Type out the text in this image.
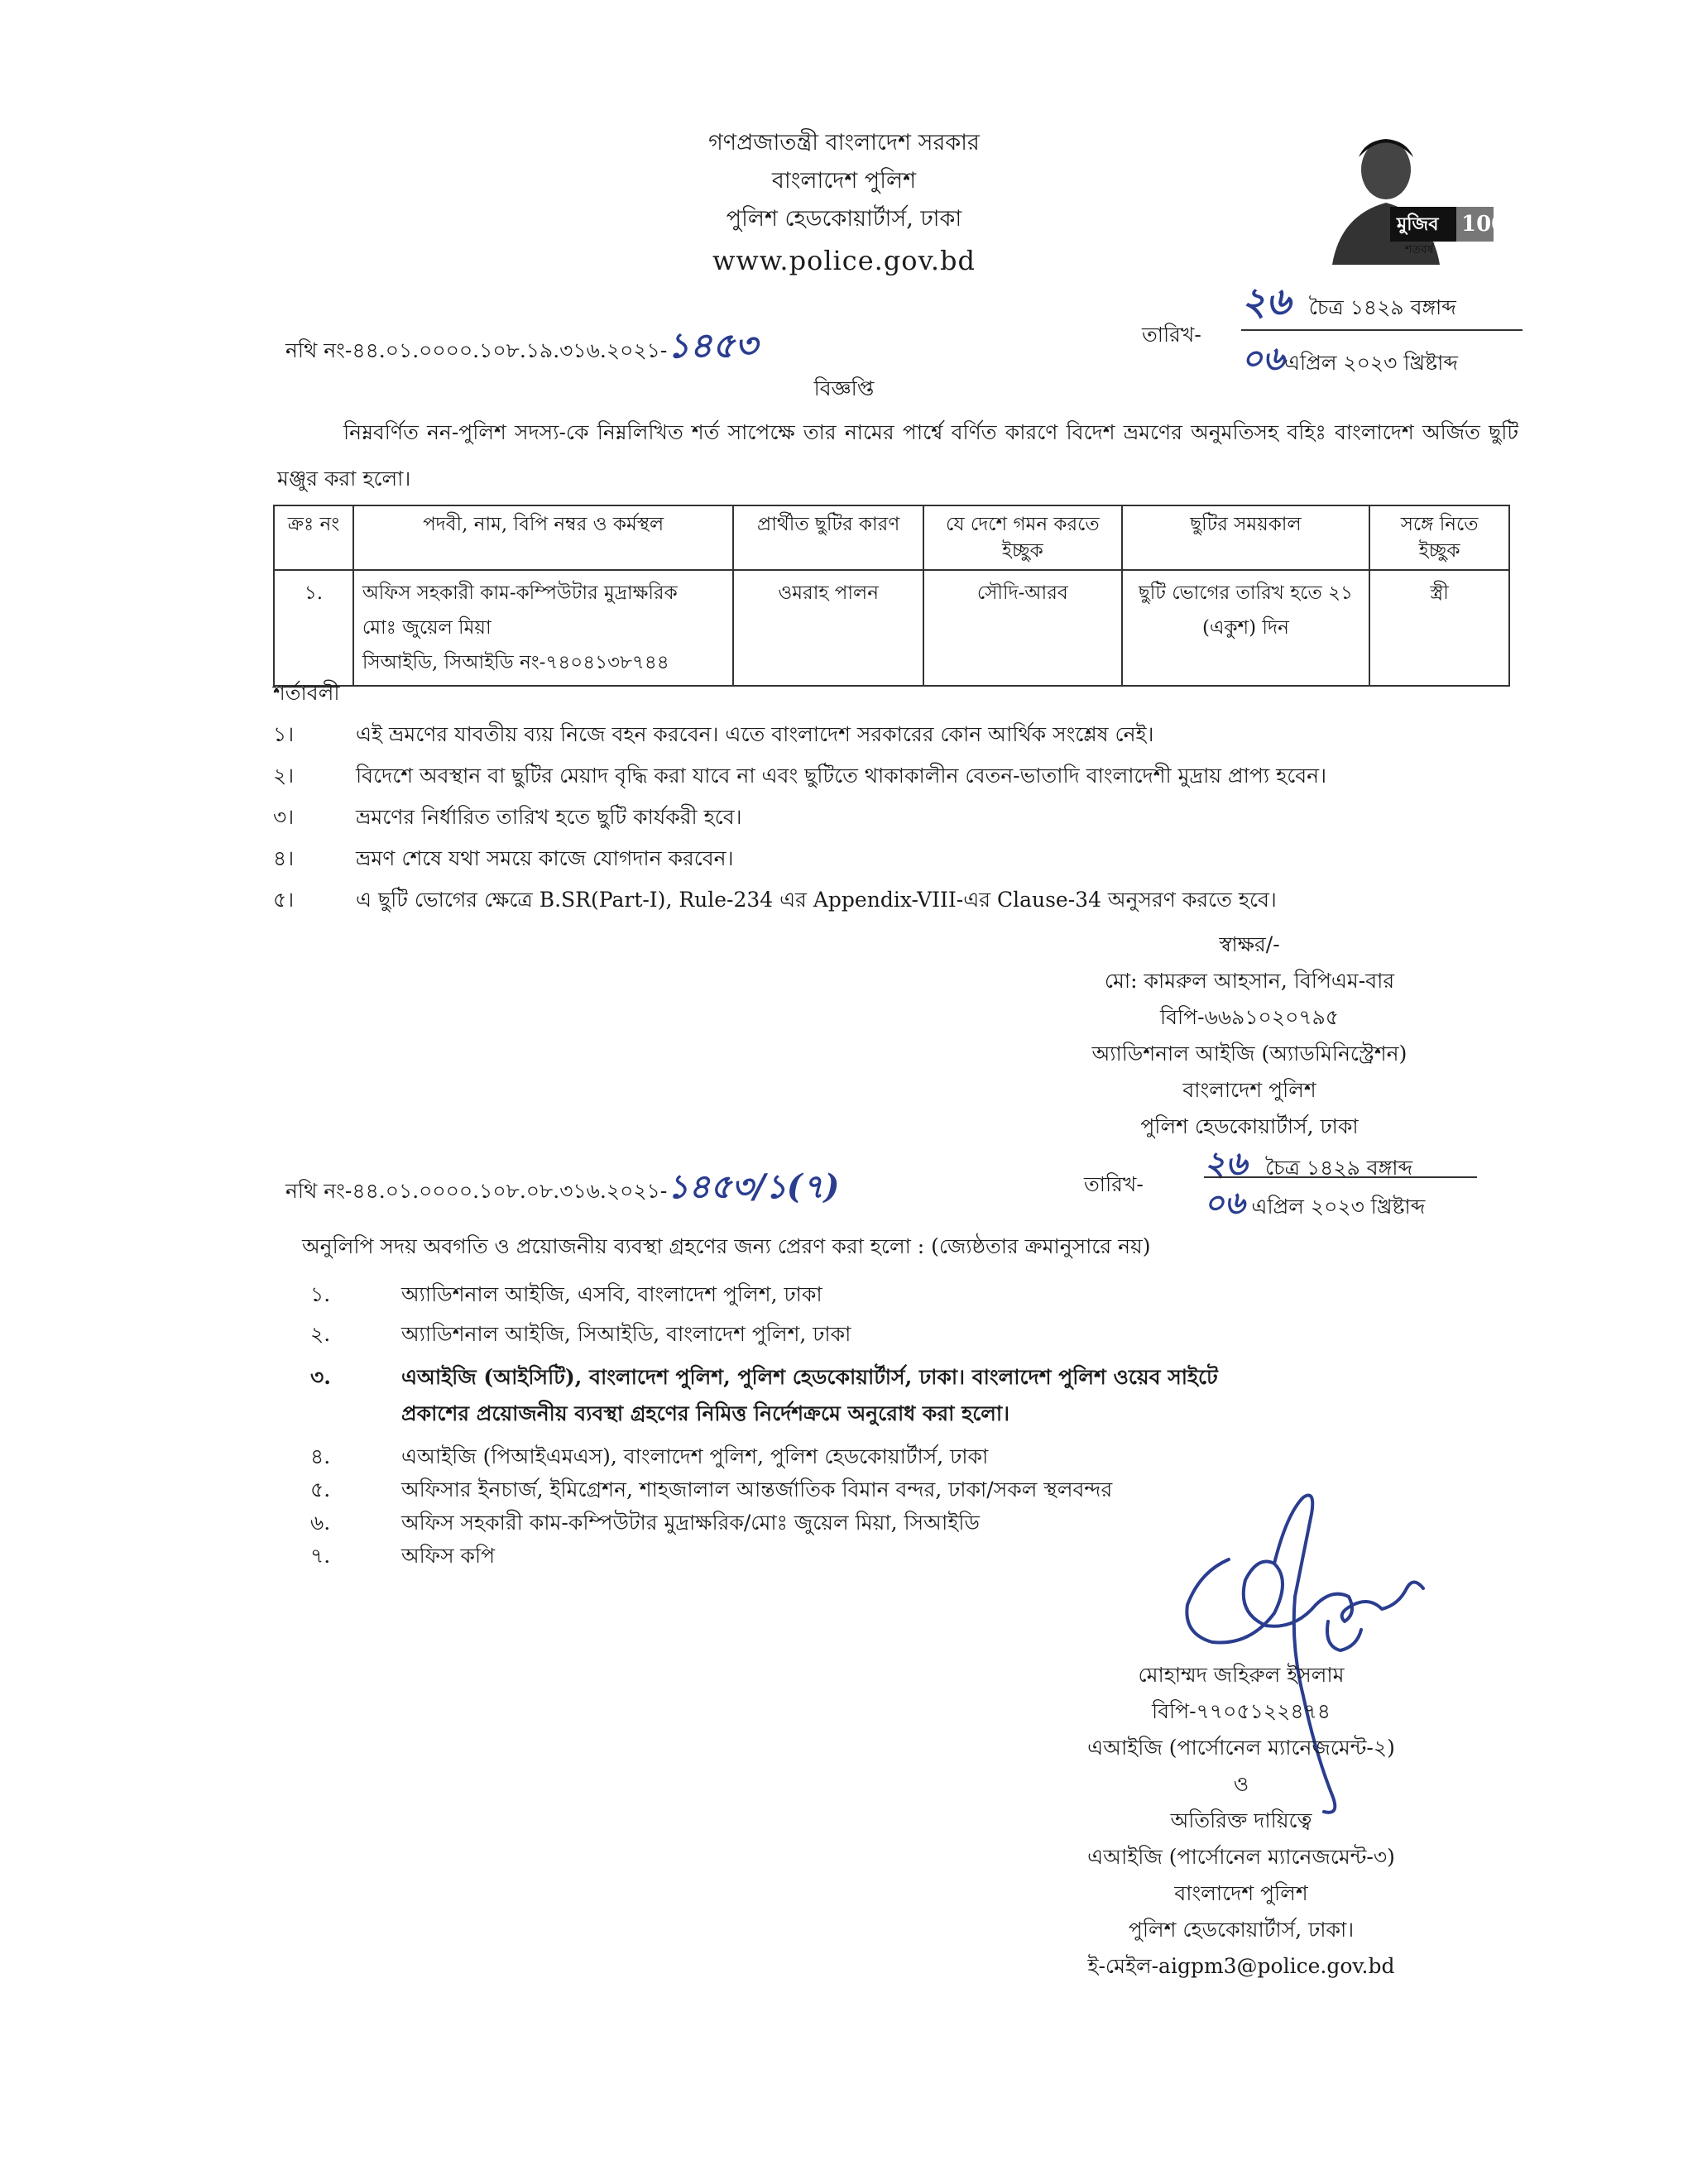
গণপ্রজাতন্ত্রী বাংলাদেশ সরকার
বাংলাদেশ পুলিশ
পুলিশ হেডকোয়ার্টার্স, ঢাকা
www.police.gov.bd
মুজিব
শতবর্ষ
100
নথি নং-৪৪.০১.০০০০.১০৮.১৯.৩১৬.২০২১-১৪৫৩	তারিখ-
২৬ চৈত্র ১৪২৯ বঙ্গাব্দ
০৬এপ্রিল ২০২৩ খ্রিষ্টাব্দ
বিজ্ঞপ্তি
নিম্নবর্ণিত নন-পুলিশ সদস্য-কে নিম্নলিখিত শর্ত সাপেক্ষে তার নামের পার্শ্বে বর্ণিত কারণে বিদেশ ভ্রমণের অনুমতিসহ বহিঃ বাংলাদেশ অর্জিত ছুটি মঞ্জুর করা হলো।
ক্রঃ নং	পদবী, নাম, বিপি নম্বর ও কর্মস্থল	প্রার্থীত ছুটির কারণ	যে দেশে গমন করতে ইচ্ছুক	ছুটির সময়কাল	সঙ্গে নিতে ইচ্ছুক
১.	অফিস সহকারী কাম-কম্পিউটার মুদ্রাক্ষরিক
মোঃ জুয়েল মিয়া
সিআইডি, সিআইডি নং-৭৪০৪১৩৮৭৪৪	ওমরাহ পালন	সৌদি-আরব	ছুটি ভোগের তারিখ হতে ২১ (একুশ) দিন	স্ত্রী
শর্তাবলী
১।	এই ভ্রমণের যাবতীয় ব্যয় নিজে বহন করবেন। এতে বাংলাদেশ সরকারের কোন আর্থিক সংশ্লেষ নেই।
২।	বিদেশে অবস্থান বা ছুটির মেয়াদ বৃদ্ধি করা যাবে না এবং ছুটিতে থাকাকালীন বেতন-ভাতাদি বাংলাদেশী মুদ্রায় প্রাপ্য হবেন।
৩।	ভ্রমণের নির্ধারিত তারিখ হতে ছুটি কার্যকরী হবে।
৪।	ভ্রমণ শেষে যথা সময়ে কাজে যোগদান করবেন।
৫।	এ ছুটি ভোগের ক্ষেত্রে B.SR(Part-I), Rule-234 এর Appendix-VIII-এর Clause-34 অনুসরণ করতে হবে।
স্বাক্ষর/-
মো: কামরুল আহসান, বিপিএম-বার
বিপি-৬৬৯১০২০৭৯৫
অ্যাডিশনাল আইজি (অ্যাডমিনিস্ট্রেশন)
বাংলাদেশ পুলিশ
পুলিশ হেডকোয়ার্টার্স, ঢাকা
নথি নং-৪৪.০১.০০০০.১০৮.০৮.৩১৬.২০২১-১৪৫৩/১(৭)	তারিখ-
২৬ চৈত্র ১৪২৯ বঙ্গাব্দ
০৬ এপ্রিল ২০২৩ খ্রিষ্টাব্দ
অনুলিপি সদয় অবগতি ও প্রয়োজনীয় ব্যবস্থা গ্রহণের জন্য প্রেরণ করা হলো : (জ্যেষ্ঠতার ক্রমানুসারে নয়)
১.	অ্যাডিশনাল আইজি, এসবি, বাংলাদেশ পুলিশ, ঢাকা
২.	অ্যাডিশনাল আইজি, সিআইডি, বাংলাদেশ পুলিশ, ঢাকা
৩.	এআইজি (আইসিটি), বাংলাদেশ পুলিশ, পুলিশ হেডকোয়ার্টার্স, ঢাকা। বাংলাদেশ পুলিশ ওয়েব সাইটে প্রকাশের প্রয়োজনীয় ব্যবস্থা গ্রহণের নিমিত্ত নির্দেশক্রমে অনুরোধ করা হলো।
৪.	এআইজি (পিআইএমএস), বাংলাদেশ পুলিশ, পুলিশ হেডকোয়ার্টার্স, ঢাকা
৫.	অফিসার ইনচার্জ, ইমিগ্রেশন, শাহজালাল আন্তর্জাতিক বিমান বন্দর, ঢাকা/সকল স্থলবন্দর
৬.	অফিস সহকারী কাম-কম্পিউটার মুদ্রাক্ষরিক/মোঃ জুয়েল মিয়া, সিআইডি
৭.	অফিস কপি
মোহাম্মদ জহিরুল ইসলাম
বিপি-৭৭০৫১২২৪৭৪
এআইজি (পার্সোনেল ম্যানেজমেন্ট-২)
ও
অতিরিক্ত দায়িত্বে
এআইজি (পার্সোনেল ম্যানেজমেন্ট-৩)
বাংলাদেশ পুলিশ
পুলিশ হেডকোয়ার্টার্স, ঢাকা।
ই-মেইল-aigpm3@police.gov.bd
